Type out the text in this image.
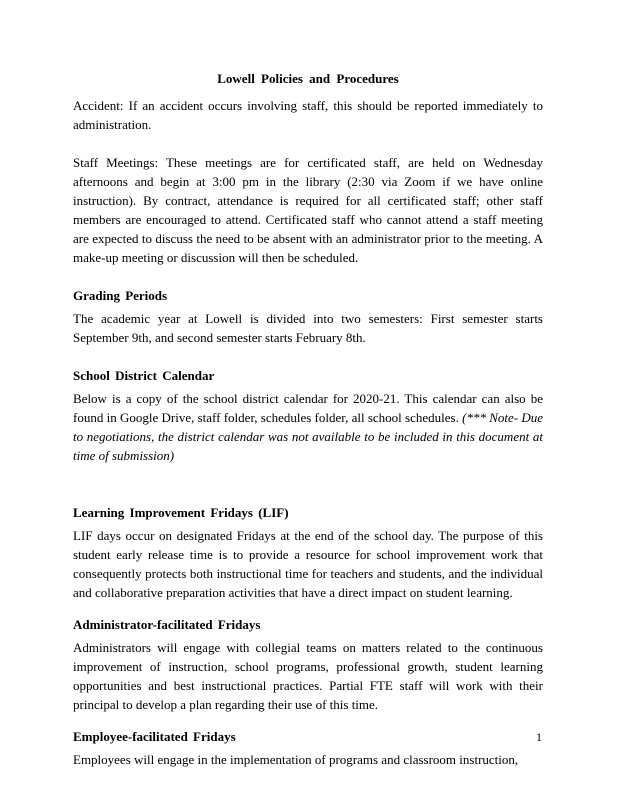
Lowell Policies and Procedures

Accident: If an accident occurs involving staff, this should be reported immediately to administration.

Staff Meetings: These meetings are for certificated staff, are held on Wednesday afternoons and begin at 3:00 pm in the library (2:30 via Zoom if we have online instruction). By contract, attendance is required for all certificated staff; other staff members are encouraged to attend. Certificated staff who cannot attend a staff meeting are expected to discuss the need to be absent with an administrator prior to the meeting. A make-up meeting or discussion will then be scheduled.

Grading Periods

The academic year at Lowell is divided into two semesters: First semester starts September 9th, and second semester starts February 8th.

School District Calendar

Below is a copy of the school district calendar for 2020-21. This calendar can also be found in Google Drive, staff folder, schedules folder, all school schedules. (*** Note- Due to negotiations, the district calendar was not available to be included in this document at time of submission)

Learning Improvement Fridays (LIF)

LIF days occur on designated Fridays at the end of the school day. The purpose of this student early release time is to provide a resource for school improvement work that consequently protects both instructional time for teachers and students, and the individual and collaborative preparation activities that have a direct impact on student learning.

Administrator-facilitated Fridays

Administrators will engage with collegial teams on matters related to the continuous improvement of instruction, school programs, professional growth, student learning opportunities and best instructional practices. Partial FTE staff will work with their principal to develop a plan regarding their use of this time.

Employee-facilitated Fridays

Employees will engage in the implementation of programs and classroom instruction,

1
